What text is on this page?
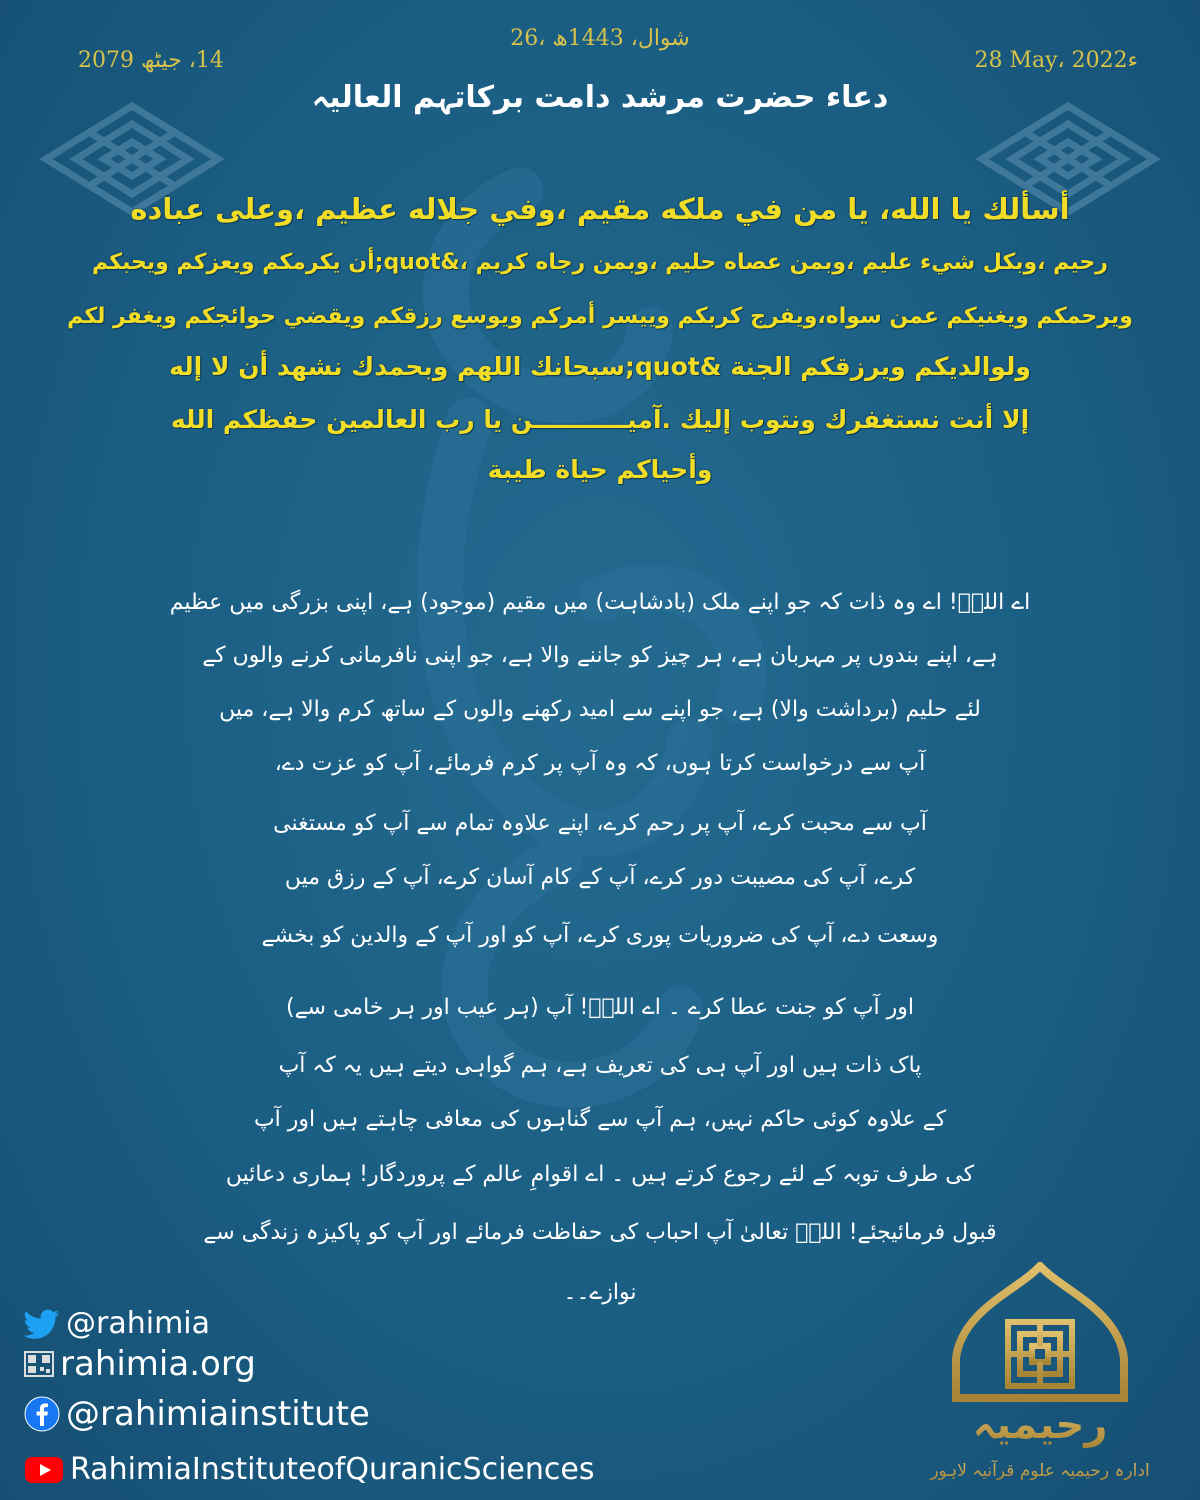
26، شوال، 1443ھ
14، جیٹھ 2079	28 May، 2022ء
دعاء حضرت مرشد دامت برکاتہم العالیہ
أسألك يا الله، يا من في ملكه مقيم ،وفي جلاله عظيم ،وعلى عباده
رحيم ،وبكل شيء عليم ،وبمن عصاه حليم ،وبمن رجاه كريم ،&quot;أن يكرمكم ويعزكم ويحبكم
ويرحمكم ويغنيكم عمن سواه،ويفرج كربكم وييسر أمركم ويوسع رزقكم ويقضي حوائجكم ويغفر لكم
ولوالديكم ويرزقكم الجنة &quot;سبحانك اللهم وبحمدك نشهد أن لا إله
إلا أنت نستغفرك ونتوب إليك .آميـــــــــــن يا رب العالمين حفظكم الله
وأحياكم حياة طيبة
اے اللہؑ! اے وہ ذات کہ جو اپنے ملک (بادشاہت) میں مقیم (موجود) ہے، اپنی بزرگی میں عظیم
ہے، اپنے بندوں پر مہربان ہے، ہر چیز کو جاننے والا ہے، جو اپنی نافرمانی کرنے والوں کے
لئے حلیم (برداشت والا) ہے، جو اپنے سے امید رکھنے والوں کے ساتھ کرم والا ہے، میں
آپ سے درخواست کرتا ہوں، کہ وہ آپ پر کرم فرمائے، آپ کو عزت دے،
آپ سے محبت کرے، آپ پر رحم کرے، اپنے علاوہ تمام سے آپ کو مستغنی
کرے، آپ کی مصیبت دور کرے، آپ کے کام آسان کرے، آپ کے رزق میں
وسعت دے، آپ کی ضروریات پوری کرے، آپ کو اور آپ کے والدین کو بخشے
اور آپ کو جنت عطا کرے ۔ اے اللہؑ! آپ (ہر عیب اور ہر خامی سے)
پاک ذات ہیں اور آپ ہی کی تعریف ہے، ہم گواہی دیتے ہیں یہ کہ آپ
کے علاوہ کوئی حاکم نہیں، ہم آپ سے گناہوں کی معافی چاہتے ہیں اور آپ
کی طرف توبہ کے لئے رجوع کرتے ہیں ۔ اے اقوامِ عالم کے پروردگار! ہماری دعائیں
قبول فرمائیجئے! اللہؑ تعالیٰ آپ احباب کی حفاظت فرمائے اور آپ کو پاکیزہ زندگی سے
نوازے۔۔
@rahimia
rahimia.org
@rahimiainstitute
RahimiaInstituteofQuranicSciences
رحیمیہ
ادارہ رحیمیہ علوم قرآنیہ لاہور
